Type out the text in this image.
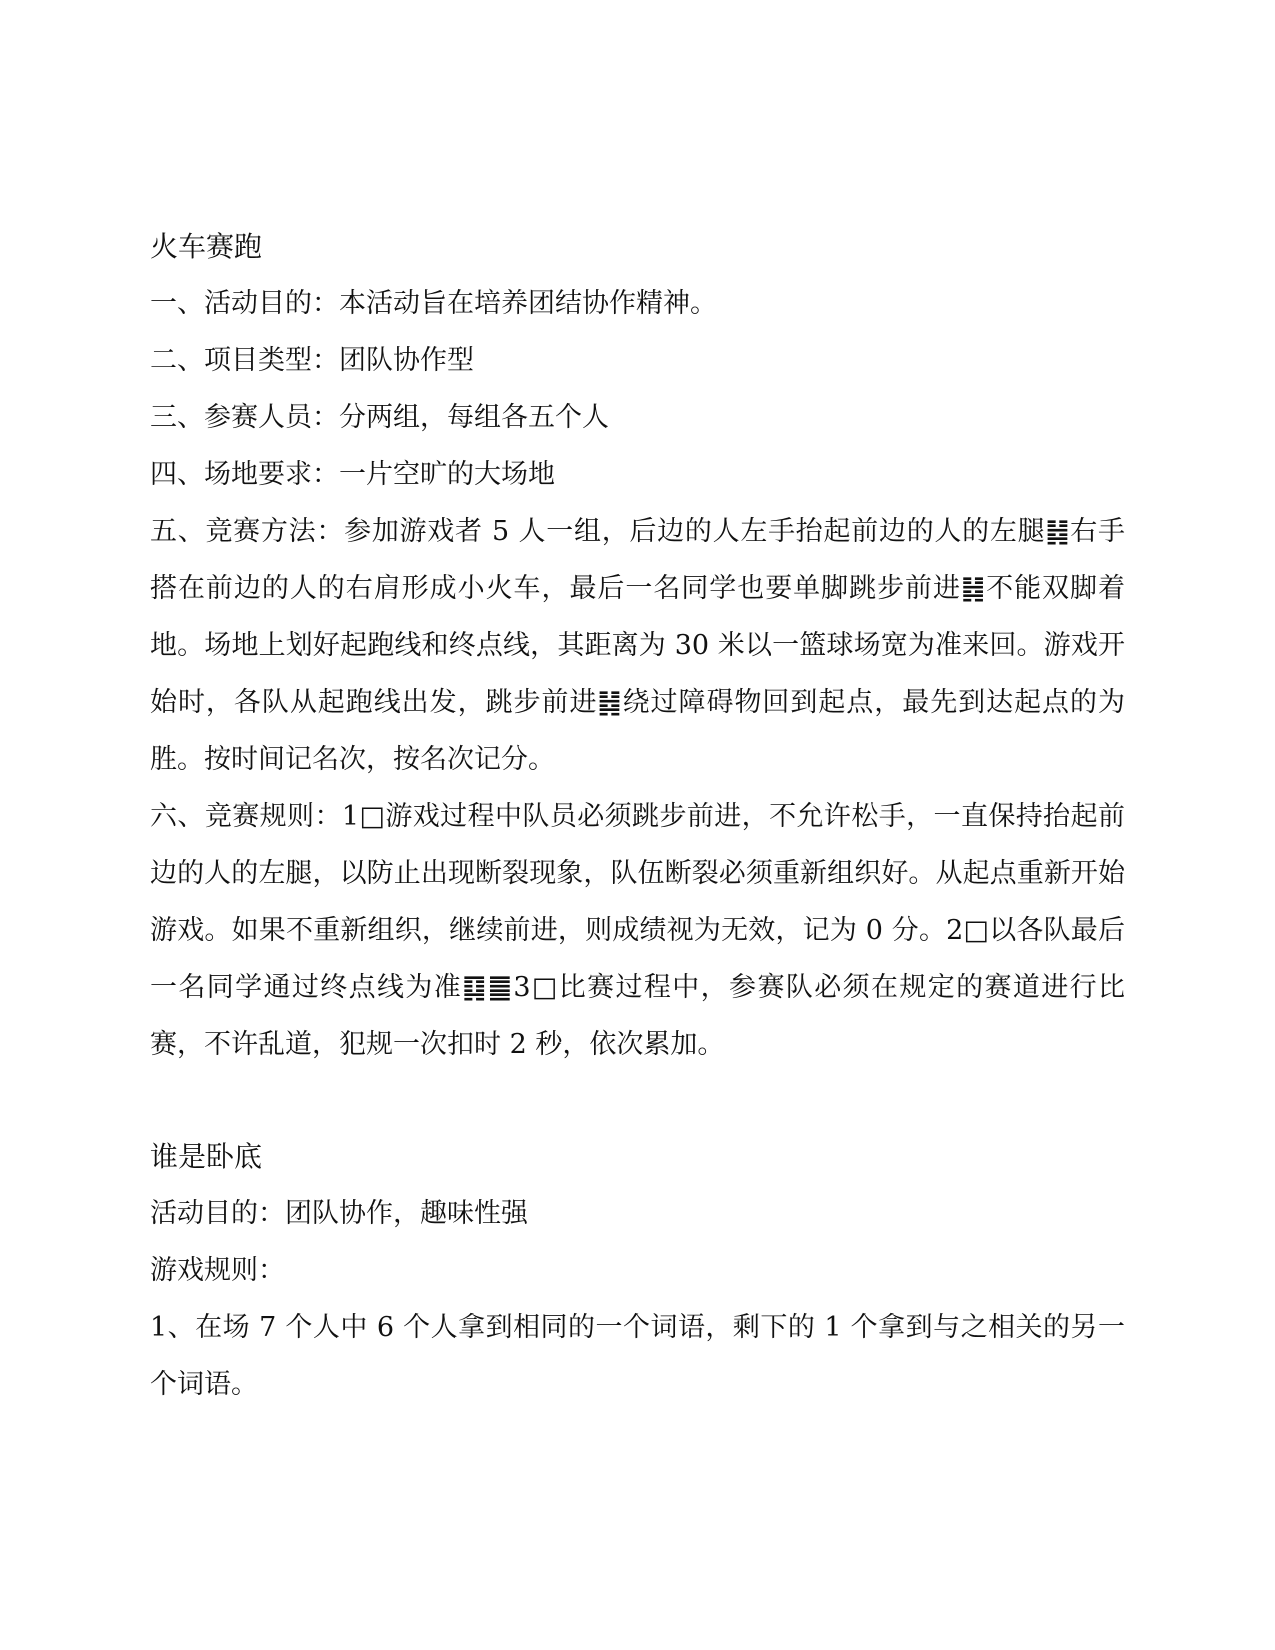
火车赛跑

一、活动目的：本活动旨在培养团结协作精神。

二、项目类型：团队协作型

三、参赛人员：分两组，每组各五个人

四、场地要求：一片空旷的大场地

五、竞赛方法：参加游戏者 5 人一组，后边的人左手抬起前边的人的左腿䷧右手搭在前边的人的右肩形成小火车，最后一名同学也要单脚跳步前进䷧不能双脚着地。场地上划好起跑线和终点线，其距离为 30 米以一篮球场宽为准来回。游戏开始时，各队从起跑线出发，跳步前进䷧绕过障碍物回到起点，最先到达起点的为胜。按时间记名次，按名次记分。

六、竞赛规则：1□游戏过程中队员必须跳步前进，不允许松手，一直保持抬起前边的人的左腿，以防止出现断裂现象，队伍断裂必须重新组织好。从起点重新开始游戏。如果不重新组织，继续前进，则成绩视为无效，记为 0 分。2□以各队最后一名同学通过终点线为准䷃䷀3□比赛过程中，参赛队必须在规定的赛道进行比赛，不许乱道，犯规一次扣时 2 秒，依次累加。

谁是卧底

活动目的：团队协作，趣味性强

游戏规则：

1、在场 7 个人中 6 个人拿到相同的一个词语，剩下的 1 个拿到与之相关的另一个词语。
